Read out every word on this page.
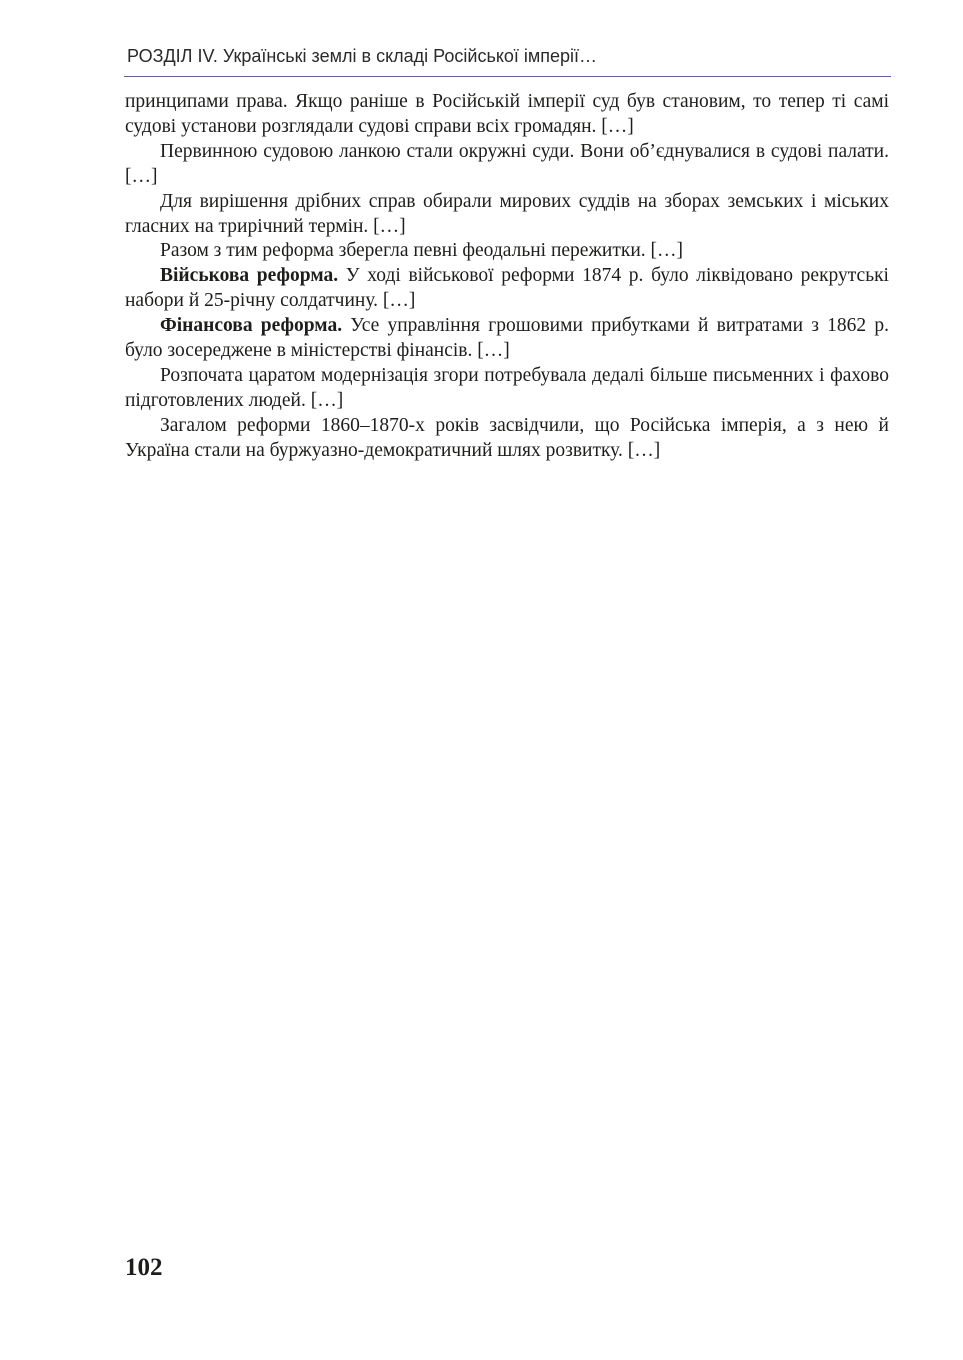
РОЗДІЛ IV. Українські землі в складі Російської імперії…

принципами права. Якщо раніше в Російській імперії суд був становим, то тепер ті самі судові установи розглядали судові справи всіх громадян. […]

Первинною судовою ланкою стали окружні суди. Вони об’єднувалися в судові палати. […]

Для вирішення дрібних справ обирали мирових суддів на зборах земських і міських гласних на трирічний термін. […]

Разом з тим реформа зберегла певні феодальні пережитки. […]

Військова реформа. У ході військової реформи 1874 р. було ліквідовано рекрутські набори й 25-річну солдатчину. […]

Фінансова реформа. Усе управління грошовими прибутками й витратами з 1862 р. було зосереджене в міністерстві фінансів. […]

Розпочата царатом модернізація згори потребувала дедалі більше письменних і фахово підготовлених людей. […]

Загалом реформи 1860–1870-х років засвідчили, що Російська імперія, а з нею й Україна стали на буржуазно-демократичний шлях розвитку. […]

102
